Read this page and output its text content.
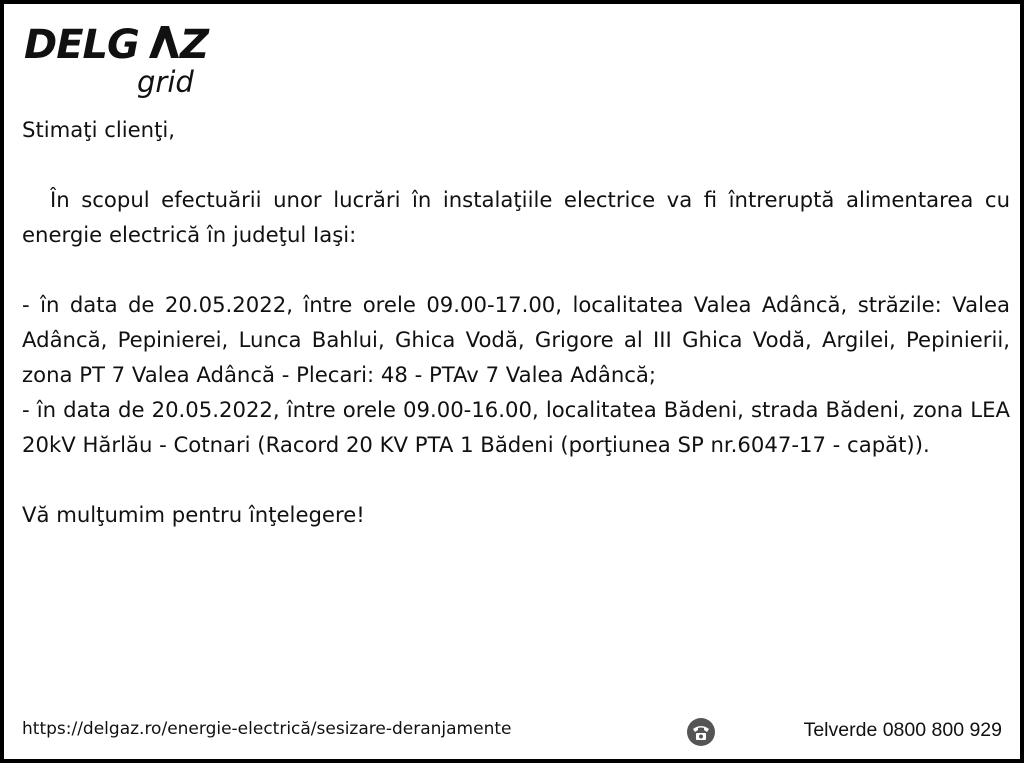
DELG Z
grid

Stimaţi clienţi,

În scopul efectuării unor lucrări în instalaţiile electrice va fi întreruptă alimentarea cu energie electrică în judeţul Iaşi:

- în data de 20.05.2022, între orele 09.00-17.00, localitatea Valea Adâncă, străzile: Valea Adâncă, Pepinierei, Lunca Bahlui, Ghica Vodă, Grigore al III Ghica Vodă, Argilei, Pepinierii, zona PT 7 Valea Adâncă - Plecari: 48 - PTAv 7 Valea Adâncă;

- în data de 20.05.2022, între orele 09.00-16.00, localitatea Bădeni, strada Bădeni, zona LEA 20kV Hărlău - Cotnari (Racord 20 KV PTA 1 Bădeni (porţiunea SP nr.6047-17 - capăt)).

Vă mulţumim pentru înţelegere!

https://delgaz.ro/energie-electrică/sesizare-deranjamente	Telverde 0800 800 929
